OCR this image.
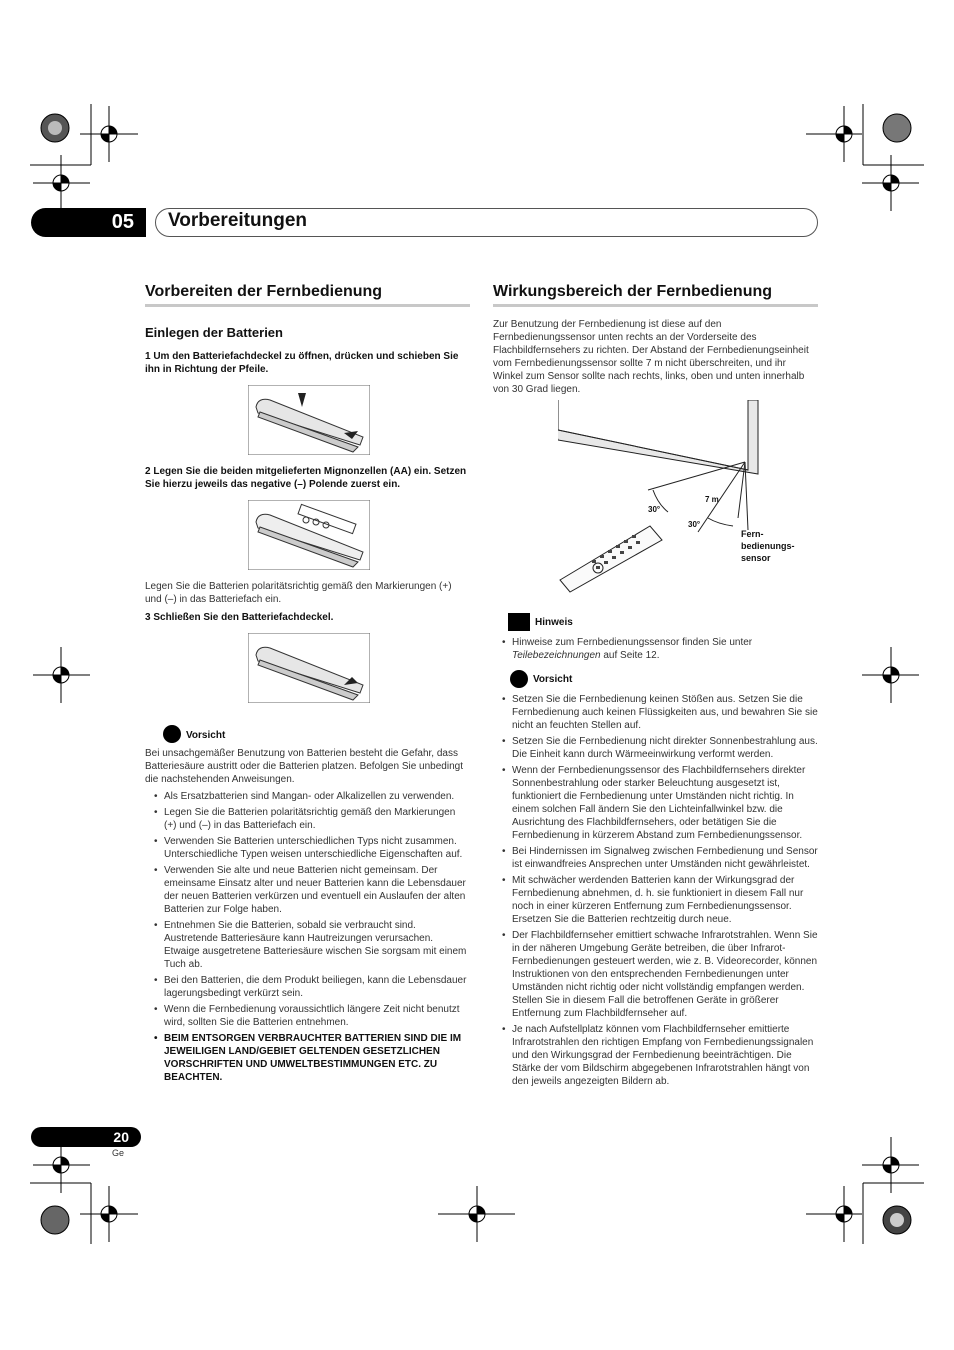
05 Vorbereitungen
Vorbereiten der Fernbedienung
Einlegen der Batterien
1 Um den Batteriefachdeckel zu öffnen, drücken und schieben Sie ihn in Richtung der Pfeile.
2 Legen Sie die beiden mitgelieferten Mignonzellen (AA) ein. Setzen Sie hierzu jeweils das negative (–) Polende zuerst ein.

Legen Sie die Batterien polaritätsrichtig gemäß den Markierungen (+) und (–) in das Batteriefach ein.

3 Schließen Sie den Batteriefachdeckel.
Vorsicht

Bei unsachgemäßer Benutzung von Batterien besteht die Gefahr, dass Batteriesäure austritt oder die Batterien platzen. Befolgen Sie unbedingt die nachstehenden Anweisungen.

• Als Ersatzbatterien sind Mangan- oder Alkalizellen zu verwenden.
• Legen Sie die Batterien polaritätsrichtig gemäß den Markierungen (+) und (–) in das Batteriefach ein.
• Verwenden Sie Batterien unterschiedlichen Typs nicht zusammen. Unterschiedliche Typen weisen unterschiedliche Eigenschaften auf.
• Verwenden Sie alte und neue Batterien nicht gemeinsam. Der emeinsame Einsatz alter und neuer Batterien kann die Lebensdauer der neuen Batterien verkürzen und eventuell ein Auslaufen der alten Batterien zur Folge haben.
• Entnehmen Sie die Batterien, sobald sie verbraucht sind. Austretende Batteriesäure kann Hautreizungen verursachen. Etwaige ausgetretene Batteriesäure wischen Sie sorgsam mit einem Tuch ab.
• Bei den Batterien, die dem Produkt beiliegen, kann die Lebensdauer lagerungsbedingt verkürzt sein.
• Wenn die Fernbedienung voraussichtlich längere Zeit nicht benutzt wird, sollten Sie die Batterien entnehmen.
• BEIM ENTSORGEN VERBRAUCHTER BATTERIEN SIND DIE IM JEWEILIGEN LAND/GEBIET GELTENDEN GESETZLICHEN VORSCHRIFTEN UND UMWELTBESTIMMUNGEN ETC. ZU BEACHTEN.
Wirkungsbereich der Fernbedienung

Zur Benutzung der Fernbedienung ist diese auf den Fernbedienungssensor unten rechts an der Vorderseite des Flachbildfernsehers zu richten. Der Abstand der Fernbedienungseinheit vom Fernbedienungssensor sollte 7 m nicht überschreiten, und ihr Winkel zum Sensor sollte nach rechts, links, oben und unten innerhalb von 30 Grad liegen.

30°
7 m
30°
Fern-
bedienungs-
sensor
Hinweis
• Hinweise zum Fernbedienungssensor finden Sie unter Teilebezeichnungen auf Seite 12.
Vorsicht
• Setzen Sie die Fernbedienung keinen Stößen aus. Setzen Sie die Fernbedienung auch keinen Flüssigkeiten aus, und bewahren Sie sie nicht an feuchten Stellen auf.
• Setzen Sie die Fernbedienung nicht direkter Sonnenbestrahlung aus. Die Einheit kann durch Wärmeeinwirkung verformt werden.
• Wenn der Fernbedienungssensor des Flachbildfernsehers direkter Sonnenbestrahlung oder starker Beleuchtung ausgesetzt ist, funktioniert die Fernbedienung unter Umständen nicht richtig. In einem solchen Fall ändern Sie den Lichteinfallwinkel bzw. die Ausrichtung des Flachbildfernsehers, oder betätigen Sie die Fernbedienung in kürzerem Abstand zum Fernbedienungssensor.
• Bei Hindernissen im Signalweg zwischen Fernbedienung und Sensor ist einwandfreies Ansprechen unter Umständen nicht gewährleistet.
• Mit schwächer werdenden Batterien kann der Wirkungsgrad der Fernbedienung abnehmen, d. h. sie funktioniert in diesem Fall nur noch in einer kürzeren Entfernung zum Fernbedienungssensor. Ersetzen Sie die Batterien rechtzeitig durch neue.
• Der Flachbildfernseher emittiert schwache Infrarotstrahlen. Wenn Sie in der näheren Umgebung Geräte betreiben, die über Infrarot-Fernbedienungen gesteuert werden, wie z. B. Videorecorder, können Instruktionen von den entsprechenden Fernbedienungen unter Umständen nicht richtig oder nicht vollständig empfangen werden. Stellen Sie in diesem Fall die betroffenen Geräte in größerer Entfernung zum Flachbildfernseher auf.
• Je nach Aufstellplatz können vom Flachbildfernseher emittierte Infrarotstrahlen den richtigen Empfang von Fernbedienungssignalen und den Wirkungsgrad der Fernbedienung beeinträchtigen. Die Stärke der vom Bildschirm abgegebenen Infrarotstrahlen hängt von den jeweils angezeigten Bildern ab.
20
Ge
